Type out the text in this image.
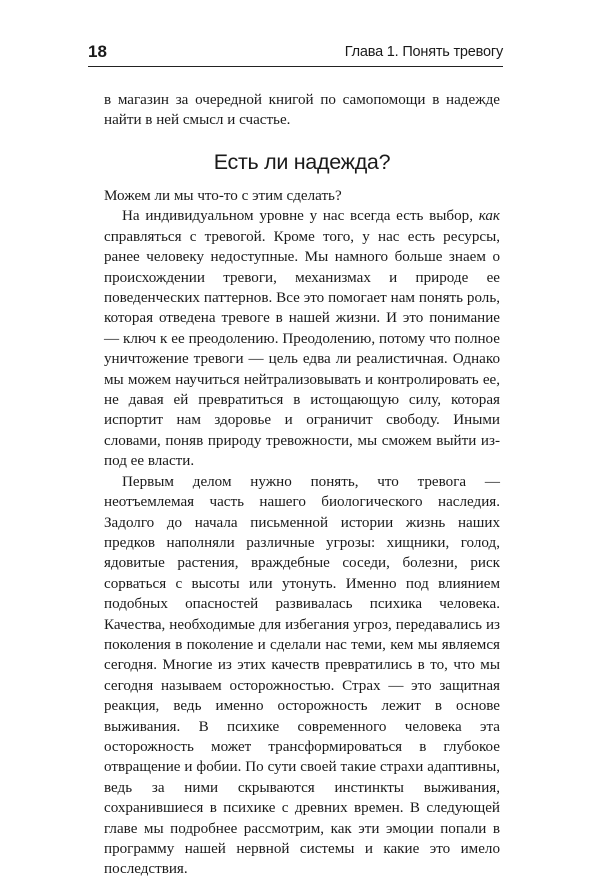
18	Глава 1. Понять тревогу

в магазин за очередной книгой по самопомощи в надежде найти в ней смысл и счастье.

Есть ли надежда?

Можем ли мы что-то с этим сделать?

На индивидуальном уровне у нас всегда есть выбор, как справляться с тревогой. Кроме того, у нас есть ресурсы, ранее человеку недоступные. Мы намного больше знаем о происхождении тревоги, механизмах и природе ее поведенческих паттернов. Все это помогает нам понять роль, которая отведена тревоге в нашей жизни. И это понимание — ключ к ее преодолению. Преодолению, потому что полное уничтожение тревоги — цель едва ли реалистичная. Однако мы можем научиться нейтрализовывать и контролировать ее, не давая ей превратиться в истощающую силу, которая испортит нам здоровье и ограничит свободу. Иными словами, поняв природу тревожности, мы сможем выйти из-под ее власти.

Первым делом нужно понять, что тревога — неотъемлемая часть нашего биологического наследия. Задолго до начала письменной истории жизнь наших предков наполняли различные угрозы: хищники, голод, ядовитые растения, враждебные соседи, болезни, риск сорваться с высоты или утонуть. Именно под влиянием подобных опасностей развивалась психика человека. Качества, необходимые для избегания угроз, передавались из поколения в поколение и сделали нас теми, кем мы являемся сегодня. Многие из этих качеств превратились в то, что мы сегодня называем осторожностью. Страх — это защитная реакция, ведь именно осторожность лежит в основе выживания. В психике современного человека эта осторожность может трансформироваться в глубокое отвращение и фобии. По сути своей такие страхи адаптивны, ведь за ними скрываются инстинкты выживания, сохранившиеся в психике с древних времен. В следующей главе мы подробнее рассмотрим, как эти эмоции попали в программу нашей нервной системы и какие это имело последствия.
